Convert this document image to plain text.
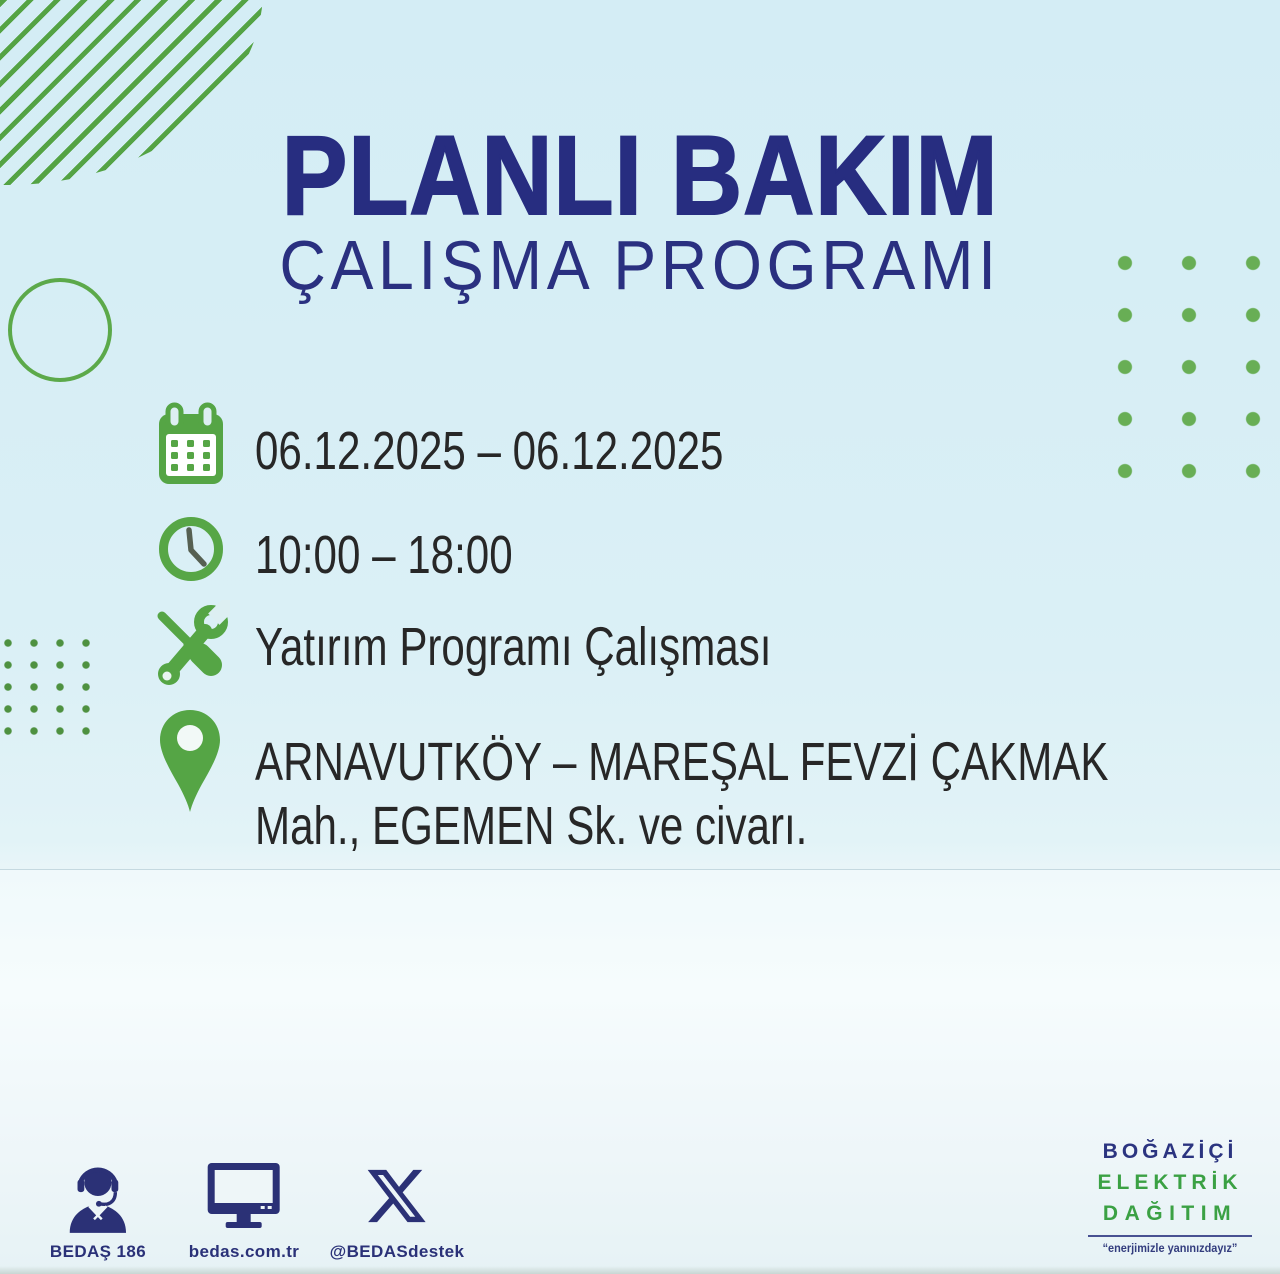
PLANLI BAKIM
ÇALIŞMA PROGRAMI
06.12.2025 – 06.12.2025
10:00 – 18:00
Yatırım Programı Çalışması
ARNAVUTKÖY – MAREŞAL FEVZİ ÇAKMAK
Mah., EGEMEN Sk. ve civarı.
BEDAŞ 186	bedas.com.tr @BEDASdestek
BOĞAZİÇİ
ELEKTRİK
DAĞITIM
“enerjimizle yanınızdayız”
